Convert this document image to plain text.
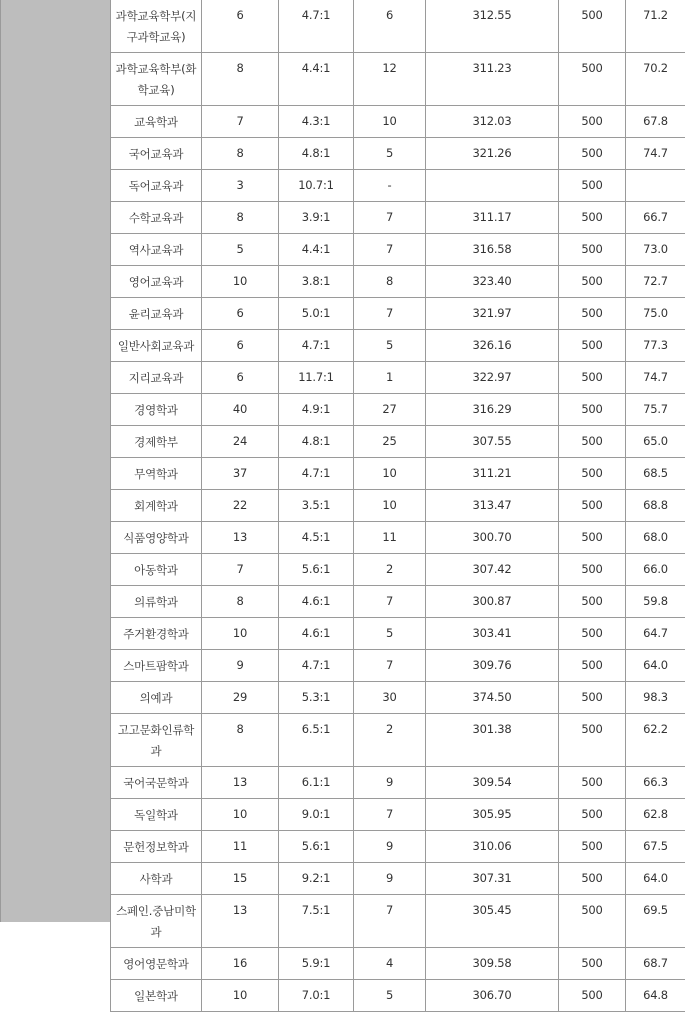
과학교육학부(지구과학교육)	6	4.7:1	6	312.55	500	71.2
과학교육학부(화학교육)	8	4.4:1	12	311.23	500	70.2
교육학과	7	4.3:1	10	312.03	500	67.8
국어교육과	8	4.8:1	5	321.26	500	74.7
독어교육과	3	10.7:1	-		500	
수학교육과	8	3.9:1	7	311.17	500	66.7
역사교육과	5	4.4:1	7	316.58	500	73.0
영어교육과	10	3.8:1	8	323.40	500	72.7
윤리교육과	6	5.0:1	7	321.97	500	75.0
일반사회교육과	6	4.7:1	5	326.16	500	77.3
지리교육과	6	11.7:1	1	322.97	500	74.7
경영학과	40	4.9:1	27	316.29	500	75.7
경제학부	24	4.8:1	25	307.55	500	65.0
무역학과	37	4.7:1	10	311.21	500	68.5
회계학과	22	3.5:1	10	313.47	500	68.8
식품영양학과	13	4.5:1	11	300.70	500	68.0
아동학과	7	5.6:1	2	307.42	500	66.0
의류학과	8	4.6:1	7	300.87	500	59.8
주거환경학과	10	4.6:1	5	303.41	500	64.7
스마트팜학과	9	4.7:1	7	309.76	500	64.0
의예과	29	5.3:1	30	374.50	500	98.3
고고문화인류학과	8	6.5:1	2	301.38	500	62.2
국어국문학과	13	6.1:1	9	309.54	500	66.3
독일학과	10	9.0:1	7	305.95	500	62.8
문헌정보학과	11	5.6:1	9	310.06	500	67.5
사학과	15	9.2:1	9	307.31	500	64.0
스페인.중남미학과	13	7.5:1	7	305.45	500	69.5
영어영문학과	16	5.9:1	4	309.58	500	68.7
일본학과	10	7.0:1	5	306.70	500	64.8
